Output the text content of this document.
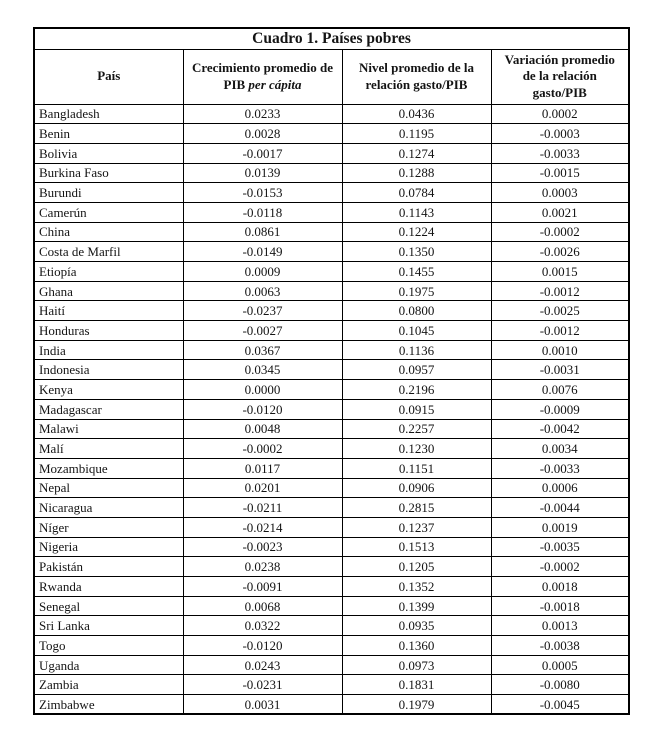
Cuadro 1. Países pobres			
País	Crecimiento promedio de PIB per cápita	Nivel promedio de la relación gasto/PIB	Variación promedio de la relación gasto/PIB
Bangladesh	0.0233	0.0436	0.0002
Benin	0.0028	0.1195	-0.0003
Bolivia	-0.0017	0.1274	-0.0033
Burkina Faso	0.0139	0.1288	-0.0015
Burundi	-0.0153	0.0784	0.0003
Camerún	-0.0118	0.1143	0.0021
China	0.0861	0.1224	-0.0002
Costa de Marfil	-0.0149	0.1350	-0.0026
Etiopía	0.0009	0.1455	0.0015
Ghana	0.0063	0.1975	-0.0012
Haití	-0.0237	0.0800	-0.0025
Honduras	-0.0027	0.1045	-0.0012
India	0.0367	0.1136	0.0010
Indonesia	0.0345	0.0957	-0.0031
Kenya	0.0000	0.2196	0.0076
Madagascar	-0.0120	0.0915	-0.0009
Malawi	0.0048	0.2257	-0.0042
Malí	-0.0002	0.1230	0.0034
Mozambique	0.0117	0.1151	-0.0033
Nepal	0.0201	0.0906	0.0006
Nicaragua	-0.0211	0.2815	-0.0044
Níger	-0.0214	0.1237	0.0019
Nigeria	-0.0023	0.1513	-0.0035
Pakistán	0.0238	0.1205	-0.0002
Rwanda	-0.0091	0.1352	0.0018
Senegal	0.0068	0.1399	-0.0018
Sri Lanka	0.0322	0.0935	0.0013
Togo	-0.0120	0.1360	-0.0038
Uganda	0.0243	0.0973	0.0005
Zambia	-0.0231	0.1831	-0.0080
Zimbabwe	0.0031	0.1979	-0.0045
